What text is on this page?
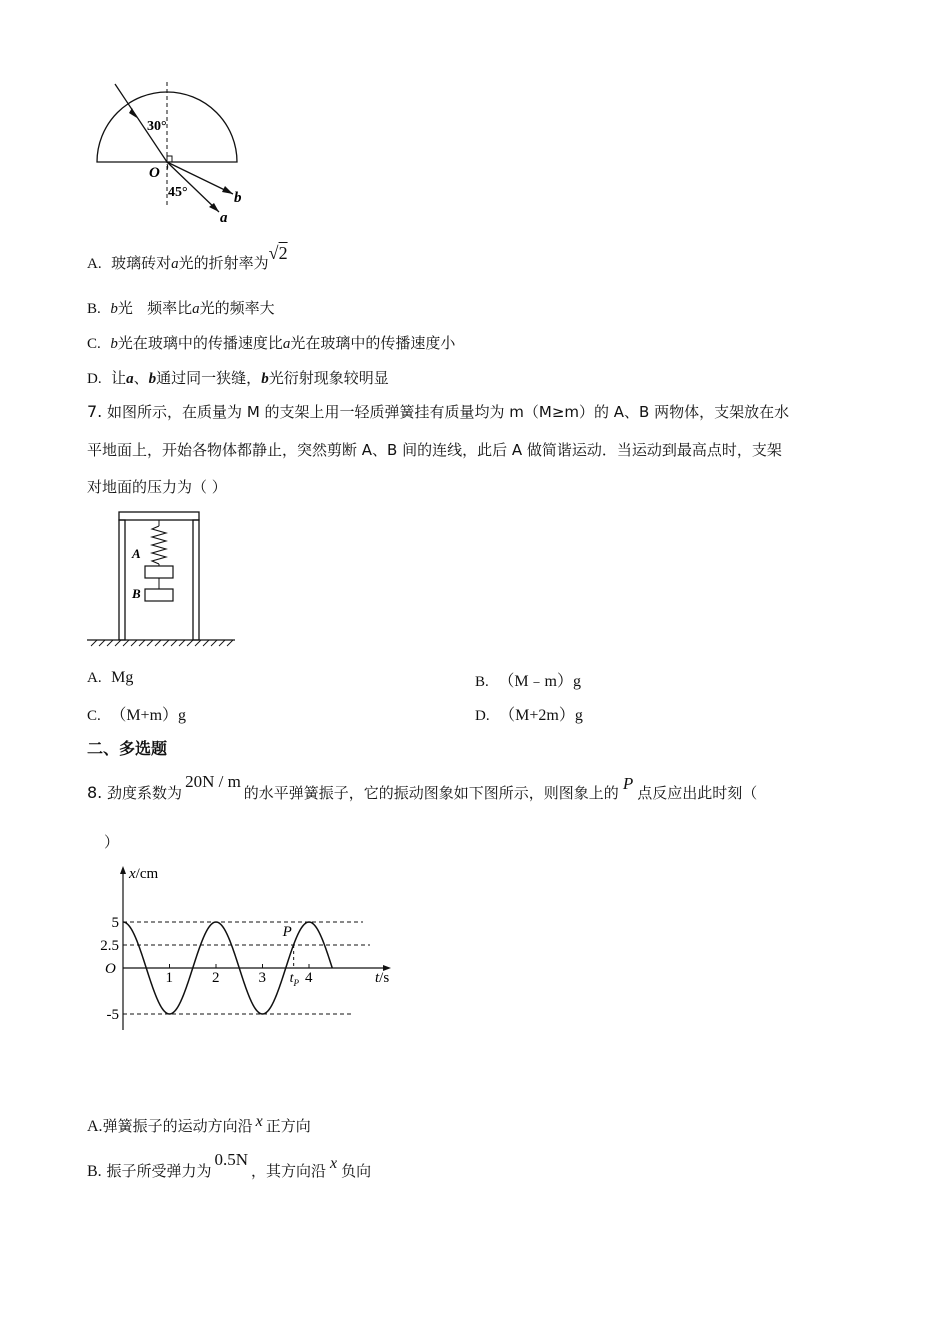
30°
O
45°	b
a
A. 玻璃砖对a光的折射率为√2
B. b光 频率比a光的频率大
C. b光在玻璃中的传播速度比a光在玻璃中的传播速度小
D. 让a、b通过同一狭缝，b光衍射现象较明显
7. 如图所示，在质量为 M 的支架上用一轻质弹簧挂有质量均为 m（M≥m）的 A、B 两物体，支架放在水
平地面上，开始各物体都静止，突然剪断 A、B 间的连线，此后 A 做简谐运动．当运动到最高点时，支架
对地面的压力为（ ）
A
B
A. Mg	B. （M﹣m）g
C. （M+m）g	D. （M+2m）g
二、多选题
8. 劲度系数为20N / m的水平弹簧振子，它的振动图象如下图所示，则图象上的 P 点反应出此时刻（
）
x/cm
t/s
O
5
2.5
-5
1	2	3	4
P
$t_P$
A.弹簧振子的运动方向沿 x 正方向
B. 振子所受弹力为0.5N，其方向沿 x 负向
